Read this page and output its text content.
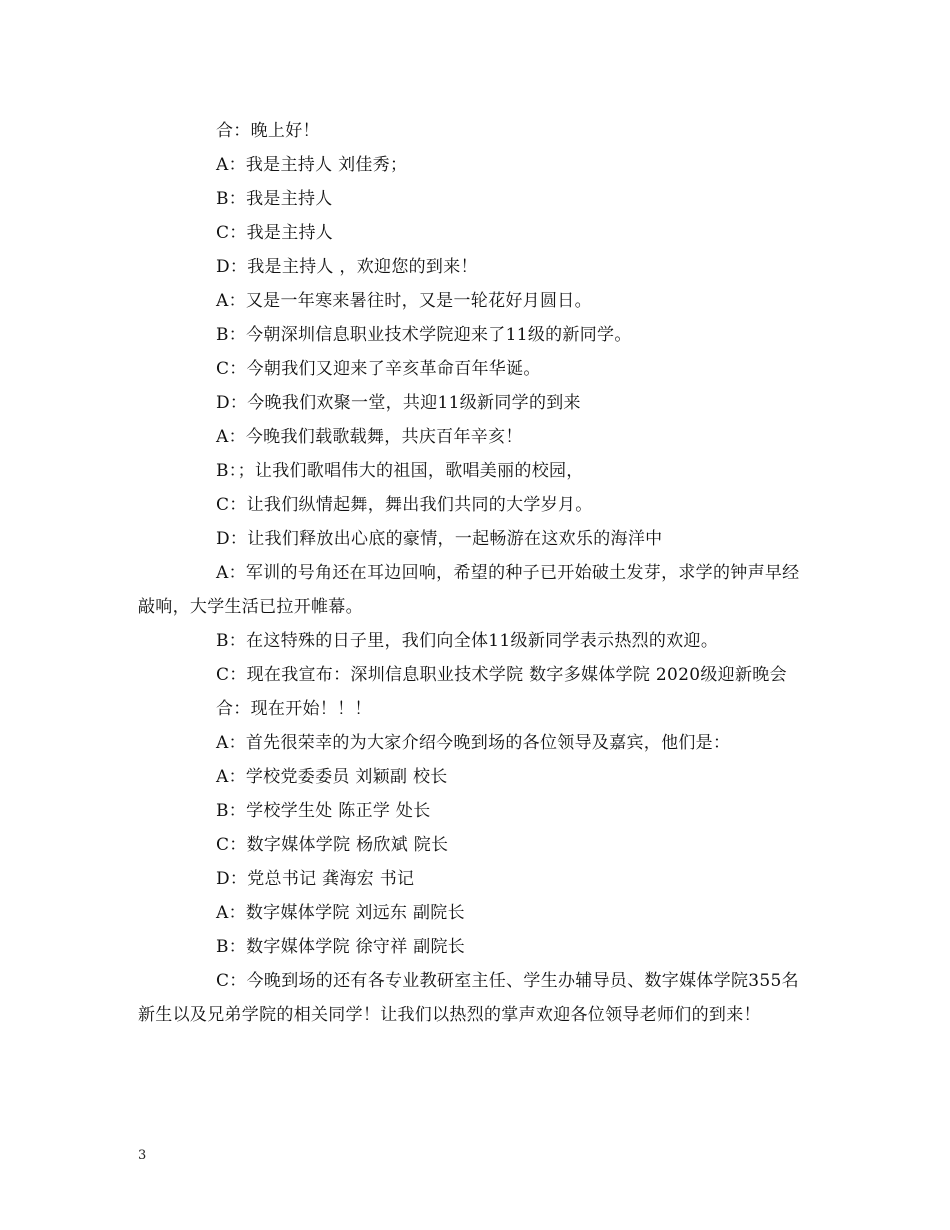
合：晚上好！

A：我是主持人 刘佳秀；

B：我是主持人

C：我是主持人

D：我是主持人 ，欢迎您的到来！

A：又是一年寒来暑往时，又是一轮花好月圆日。

B：今朝深圳信息职业技术学院迎来了11级的新同学。

C：今朝我们又迎来了辛亥革命百年华诞。

D：今晚我们欢聚一堂，共迎11级新同学的到来

A：今晚我们载歌载舞，共庆百年辛亥！

B：；让我们歌唱伟大的祖国，歌唱美丽的校园，

C：让我们纵情起舞，舞出我们共同的大学岁月。

D：让我们释放出心底的豪情，一起畅游在这欢乐的海洋中

A：军训的号角还在耳边回响，希望的种子已开始破土发芽，求学的钟声早经敲响，大学生活已拉开帷幕。

B：在这特殊的日子里，我们向全体11级新同学表示热烈的欢迎。

C：现在我宣布：深圳信息职业技术学院 数字多媒体学院 2020级迎新晚会

合：现在开始！！！

A：首先很荣幸的为大家介绍今晚到场的各位领导及嘉宾，他们是：

A：学校党委委员 刘颖副 校长

B：学校学生处 陈正学 处长

C：数字媒体学院 杨欣斌 院长

D：党总书记 龚海宏 书记

A：数字媒体学院 刘远东 副院长

B：数字媒体学院 徐守祥 副院长

C：今晚到场的还有各专业教研室主任、学生办辅导员、数字媒体学院355名新生以及兄弟学院的相关同学！让我们以热烈的掌声欢迎各位领导老师们的到来！

3
